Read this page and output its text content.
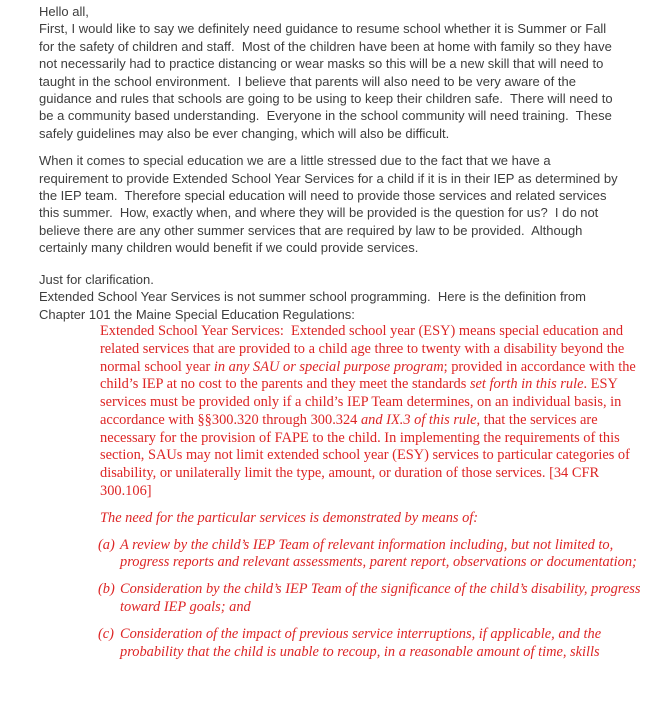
Hello all,
First, I would like to say we definitely need guidance to resume school whether it is Summer or Fall for the safety of children and staff.  Most of the children have been at home with family so they have not necessarily had to practice distancing or wear masks so this will be a new skill that will need to taught in the school environment.  I believe that parents will also need to be very aware of the guidance and rules that schools are going to be using to keep their children safe.  There will need to be a community based understanding.  Everyone in the school community will need training.  These safely guidelines may also be ever changing, which will also be difficult.
When it comes to special education we are a little stressed due to the fact that we have a requirement to provide Extended School Year Services for a child if it is in their IEP as determined by the IEP team.  Therefore special education will need to provide those services and related services this summer.  How, exactly when, and where they will be provided is the question for us?  I do not believe there are any other summer services that are required by law to be provided.  Although certainly many children would benefit if we could provide services.
Just for clarification.
Extended School Year Services is not summer school programming.  Here is the definition from Chapter 101 the Maine Special Education Regulations:
Extended School Year Services:  Extended school year (ESY) means special education and related services that are provided to a child age three to twenty with a disability beyond the normal school year in any SAU or special purpose program; provided in accordance with the child’s IEP at no cost to the parents and they meet the standards set forth in this rule. ESY services must be provided only if a child’s IEP Team determines, on an individual basis, in accordance with §§300.320 through 300.324 and IX.3 of this rule, that the services are necessary for the provision of FAPE to the child. In implementing the requirements of this section, SAUs may not limit extended school year (ESY) services to particular categories of disability, or unilaterally limit the type, amount, or duration of those services. [34 CFR 300.106]
The need for the particular services is demonstrated by means of:
(a) A review by the child’s IEP Team of relevant information including, but not limited to, progress reports and relevant assessments, parent report, observations or documentation;
(b) Consideration by the child’s IEP Team of the significance of the child’s disability, progress toward IEP goals; and
(c) Consideration of the impact of previous service interruptions, if applicable, and the probability that the child is unable to recoup, in a reasonable amount of time, skills
